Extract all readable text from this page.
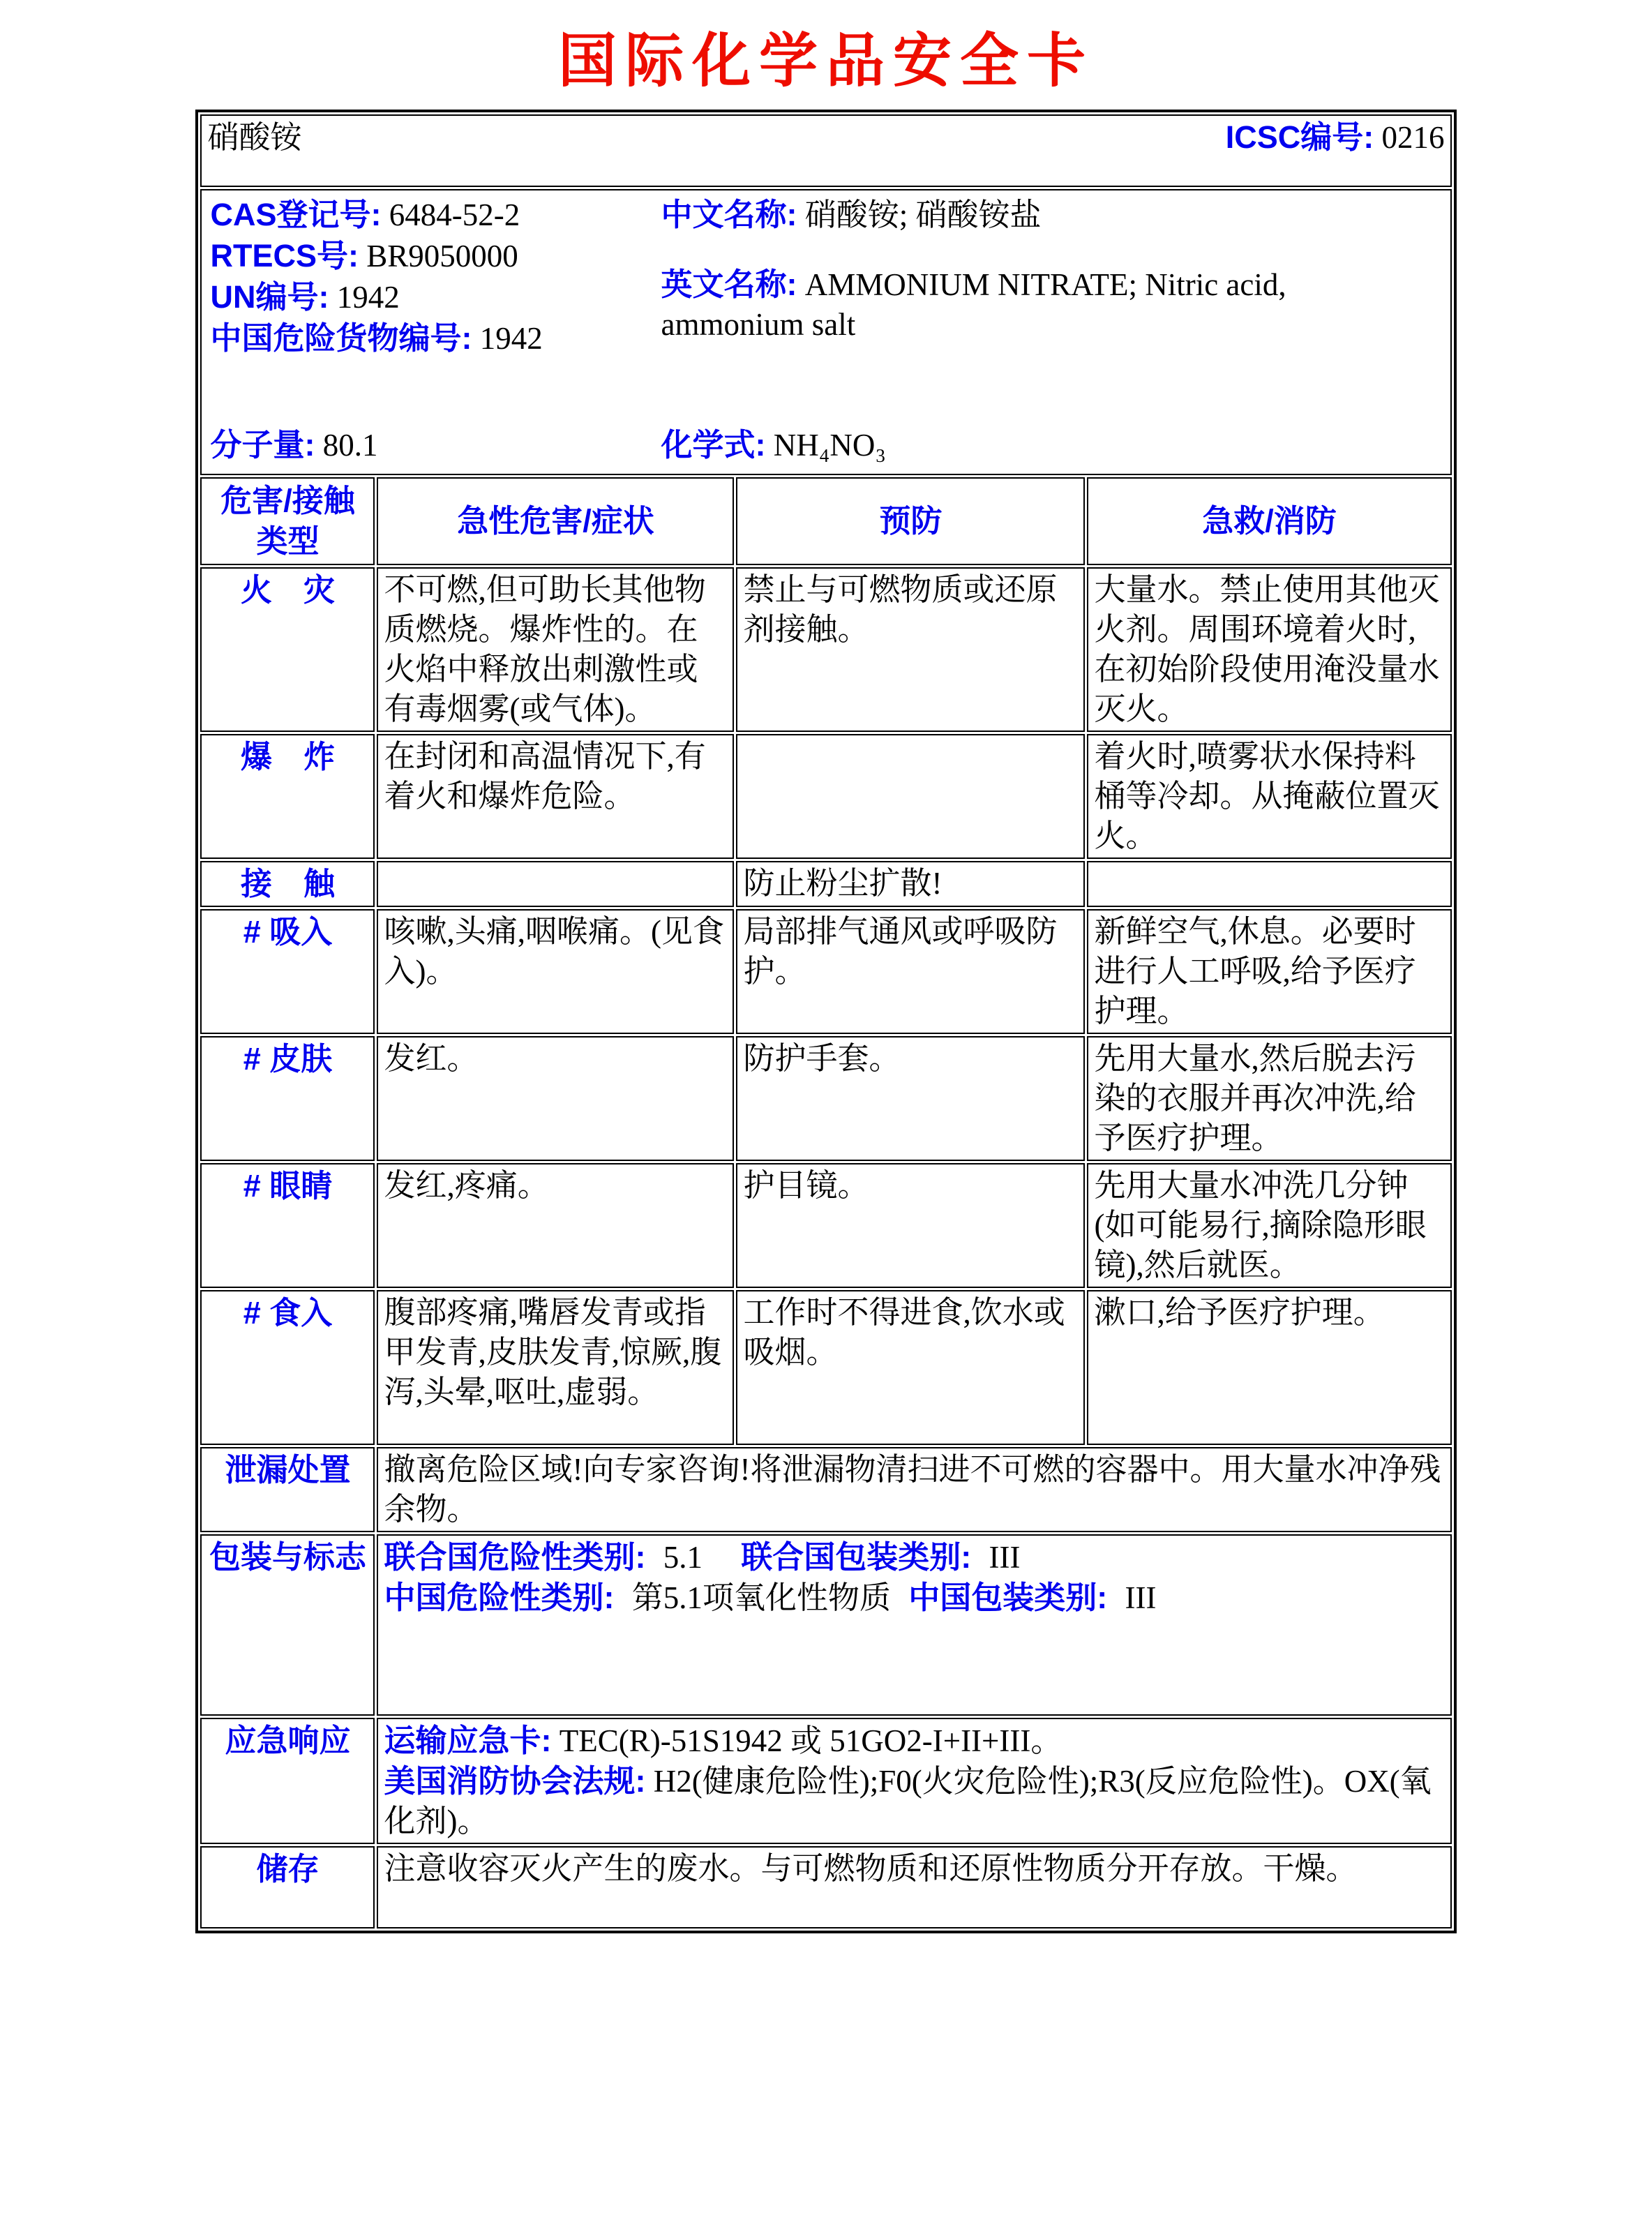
国际化学品安全卡
硝酸铵 ICSC编号: 0216			

CAS登记号: 6484-52-2
RTECS号: BR9050000
UN编号: 1942
中国危险货物编号: 1942
中文名称: 硝酸铵; 硝酸铵盐
英文名称: AMMONIUM NITRATE; Nitric acid, ammonium salt
分子量: 80.1	化学式: NH₄NO₃

危害/接触类型	急性危害/症状	预防	急救/消防
火　灾	不可燃,但可助长其他物质燃烧。爆炸性的。在火焰中释放出刺激性或有毒烟雾(或气体)。	禁止与可燃物质或还原剂接触。	大量水。禁止使用其他灭火剂。周围环境着火时,在初始阶段使用淹没量水灭火。
爆　炸	在封闭和高温情况下,有着火和爆炸危险。		着火时,喷雾状水保持料桶等冷却。从掩蔽位置灭火。
接　触		防止粉尘扩散!	
# 吸入	咳嗽,头痛,咽喉痛。(见食入)。	局部排气通风或呼吸防护。	新鲜空气,休息。必要时进行人工呼吸,给予医疗护理。
# 皮肤	发红。	防护手套。	先用大量水,然后脱去污染的衣服并再次冲洗,给予医疗护理。
# 眼睛	发红,疼痛。	护目镜。	先用大量水冲洗几分钟(如可能易行,摘除隐形眼镜),然后就医。
# 食入	腹部疼痛,嘴唇发青或指甲发青,皮肤发青,惊厥,腹泻,头晕,呕吐,虚弱。	工作时不得进食,饮水或吸烟。	漱口,给予医疗护理。
泄漏处置	撤离危险区域!向专家咨询!将泄漏物清扫进不可燃的容器中。用大量水冲净残余物。		
包装与标志	联合国危险性类别: 5.1 联合国包装类别: III
中国危险性类别: 第5.1项氧化性物质 中国包装类别: III		

应急响应	运输应急卡: TEC(R)-51S1942 或 51GO2-I+II+III。
美国消防协会法规: H2(健康危险性);F0(火灾危险性);R3(反应危险性)。OX(氧化剂)。		

储存	注意收容灭火产生的废水。与可燃物质和还原性物质分开存放。干燥。		
